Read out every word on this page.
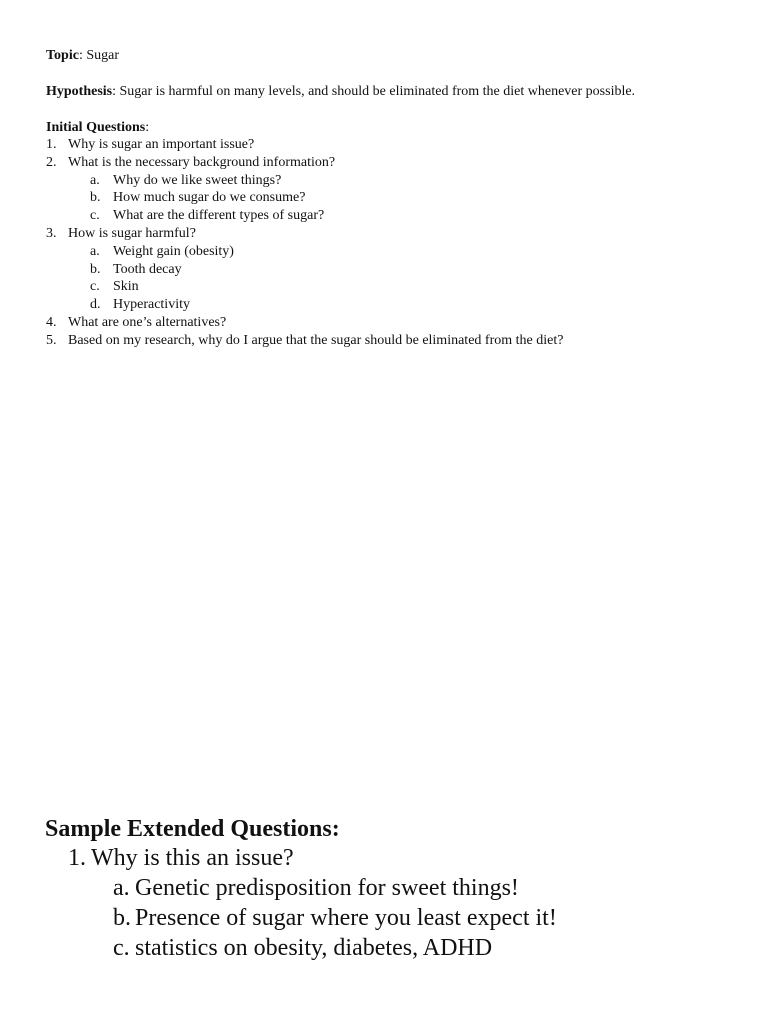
Topic: Sugar
Hypothesis: Sugar is harmful on many levels, and should be eliminated from the diet whenever possible.
Initial Questions:
1. Why is sugar an important issue?
2. What is the necessary background information?
a. Why do we like sweet things?
b. How much sugar do we consume?
c. What are the different types of sugar?
3. How is sugar harmful?
a. Weight gain (obesity)
b. Tooth decay
c. Skin
d. Hyperactivity
4. What are one’s alternatives?
5. Based on my research, why do I argue that the sugar should be eliminated from the diet?
Sample Extended Questions:
1. Why is this an issue?
a. Genetic predisposition for sweet things!
b. Presence of sugar where you least expect it!
c. statistics on obesity, diabetes, ADHD
